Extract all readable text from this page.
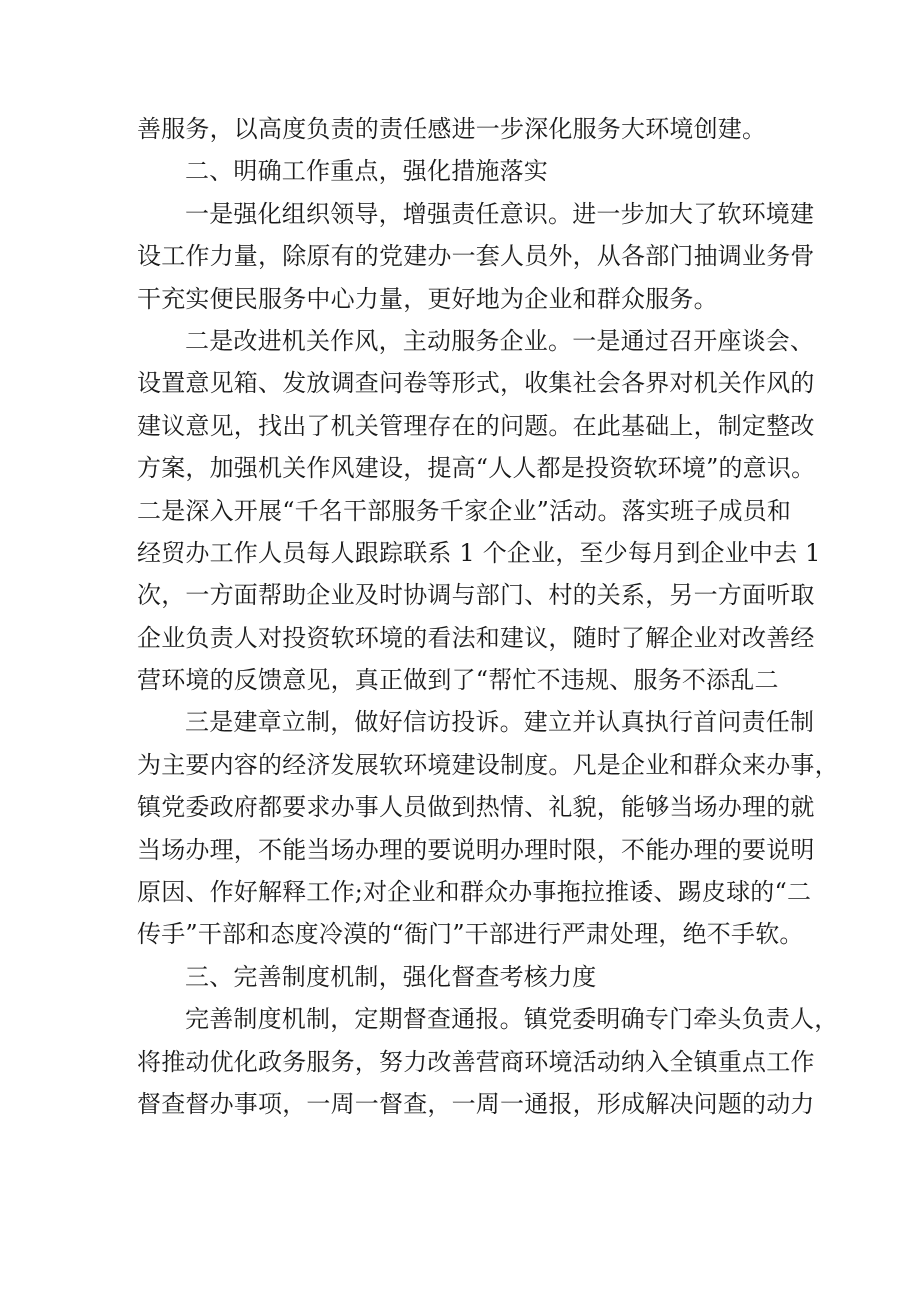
善服务，以高度负责的责任感进一步深化服务大环境创建。
二、明确工作重点，强化措施落实
一是强化组织领导，增强责任意识。进一步加大了软环境建
设工作力量，除原有的党建办一套人员外，从各部门抽调业务骨
干充实便民服务中心力量，更好地为企业和群众服务。
二是改进机关作风，主动服务企业。一是通过召开座谈会、
设置意见箱、发放调查问卷等形式，收集社会各界对机关作风的
建议意见，找出了机关管理存在的问题。在此基础上，制定整改
方案，加强机关作风建设，提高“人人都是投资软环境”的意识。
二是深入开展“千名干部服务千家企业”活动。落实班子成员和
经贸办工作人员每人跟踪联系 1 个企业，至少每月到企业中去 1
次，一方面帮助企业及时协调与部门、村的关系，另一方面听取
企业负责人对投资软环境的看法和建议，随时了解企业对改善经
营环境的反馈意见，真正做到了“帮忙不违规、服务不添乱二
三是建章立制，做好信访投诉。建立并认真执行首问责任制
为主要内容的经济发展软环境建设制度。凡是企业和群众来办事，
镇党委政府都要求办事人员做到热情、礼貌，能够当场办理的就
当场办理，不能当场办理的要说明办理时限，不能办理的要说明
原因、作好解释工作;对企业和群众办事拖拉推诿、踢皮球的“二
传手”干部和态度冷漠的“衙门”干部进行严肃处理，绝不手软。
三、完善制度机制，强化督查考核力度
完善制度机制，定期督查通报。镇党委明确专门牵头负责人，
将推动优化政务服务，努力改善营商环境活动纳入全镇重点工作
督查督办事项，一周一督查，一周一通报，形成解决问题的动力
